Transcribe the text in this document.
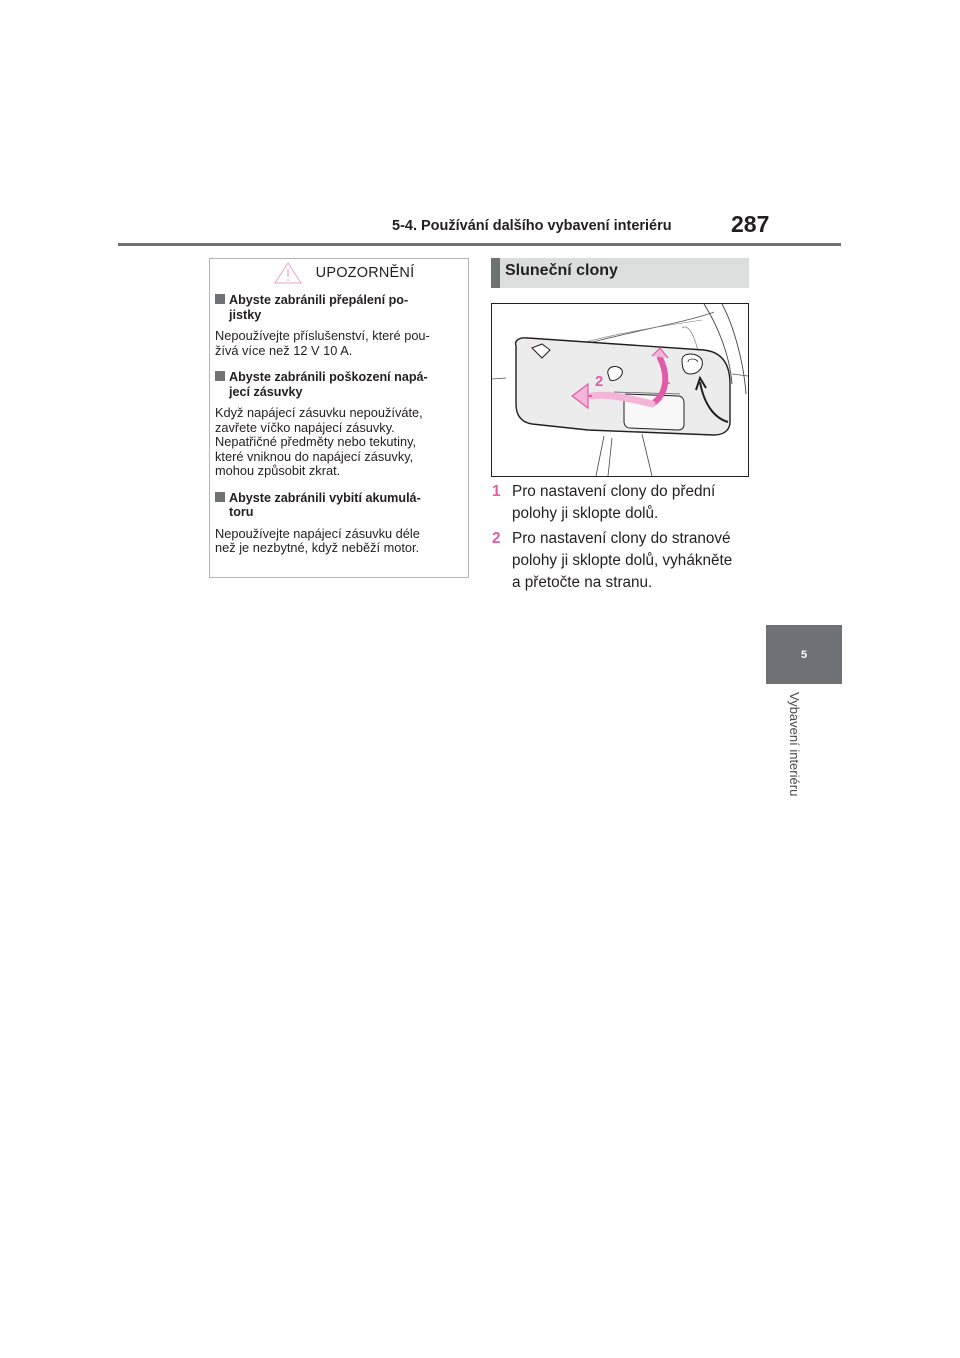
5-4. Používání dalšího vybavení interiéru	287
5
Vybavení interiéru
UPOZORNĚNÍ
Abyste zabránili přepálení po-
jistky
Nepoužívejte příslušenství, které pou-
žívá více než 12 V 10 A.
Abyste zabránili poškození napá-
jecí zásuvky
Když napájecí zásuvku nepoužíváte,
zavřete víčko napájecí zásuvky.
Nepatřičné předměty nebo tekutiny,
které vniknou do napájecí zásuvky,
mohou způsobit zkrat.
Abyste zabránili vybití akumulá-
toru
Nepoužívejte napájecí zásuvku déle
než je nezbytné, když neběží motor.
Sluneční clony
2	1
1 Pro nastavení clony do přední
polohy ji sklopte dolů.
2 Pro nastavení clony do stranové
polohy ji sklopte dolů, vyhákněte
a přetočte na stranu.
